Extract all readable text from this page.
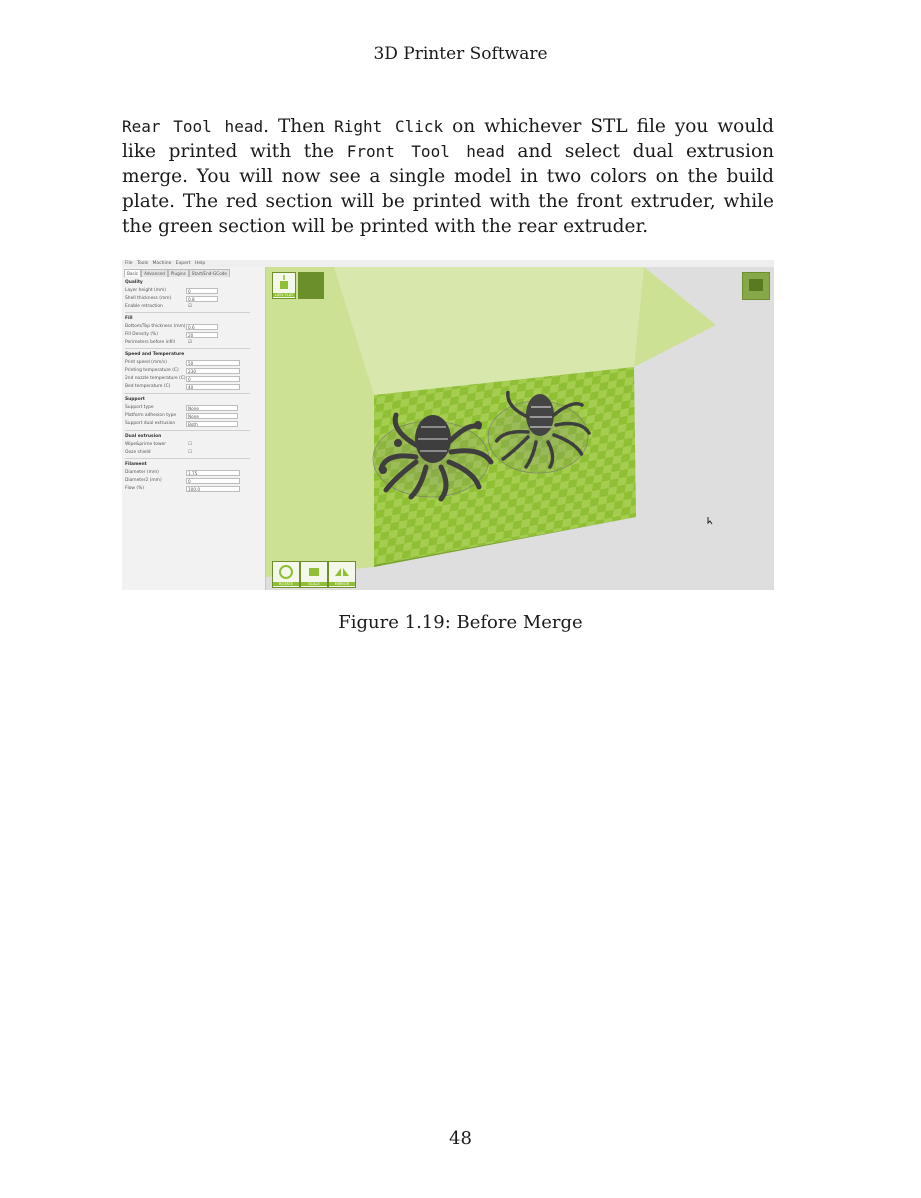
3D Printer Software
Rear Tool head. Then Right Click on whichever STL file you would like printed with the Front Tool head and select dual extrusion merge. You will now see a single model in two colors on the build plate. The red section will be printed with the front extruder, while the green section will be printed with the rear extruder.
File Tools Machine Expert Help
Basic	Advanced	Plugins	Start/End-GCode
Quality
Layer height (mm)	0
Shell thickness (mm)	0.8
Enable retraction	☑
Fill
Bottom/Top thickness (mm) 0.6
Fill Density (%)	20
Perimeters before infill	☑
Speed and Temperature
Print speed (mm/s)	50
Printing temperature (C)	230
2nd nozzle temperature (C) 0
Bed temperature (C)	40
Support
Support type	None
Platform adhesion type	None
Support dual extrusion	Both
Dual extrusion
Wipe&prime tower	☐
Ooze shield	☐
Filament
Diameter (mm)	1.75
Diameter2 (mm)	0
Flow (%)	100.0
LAYS FLAT
ROTATE	SCALE	MIRROR
Figure 1.19: Before Merge
48
